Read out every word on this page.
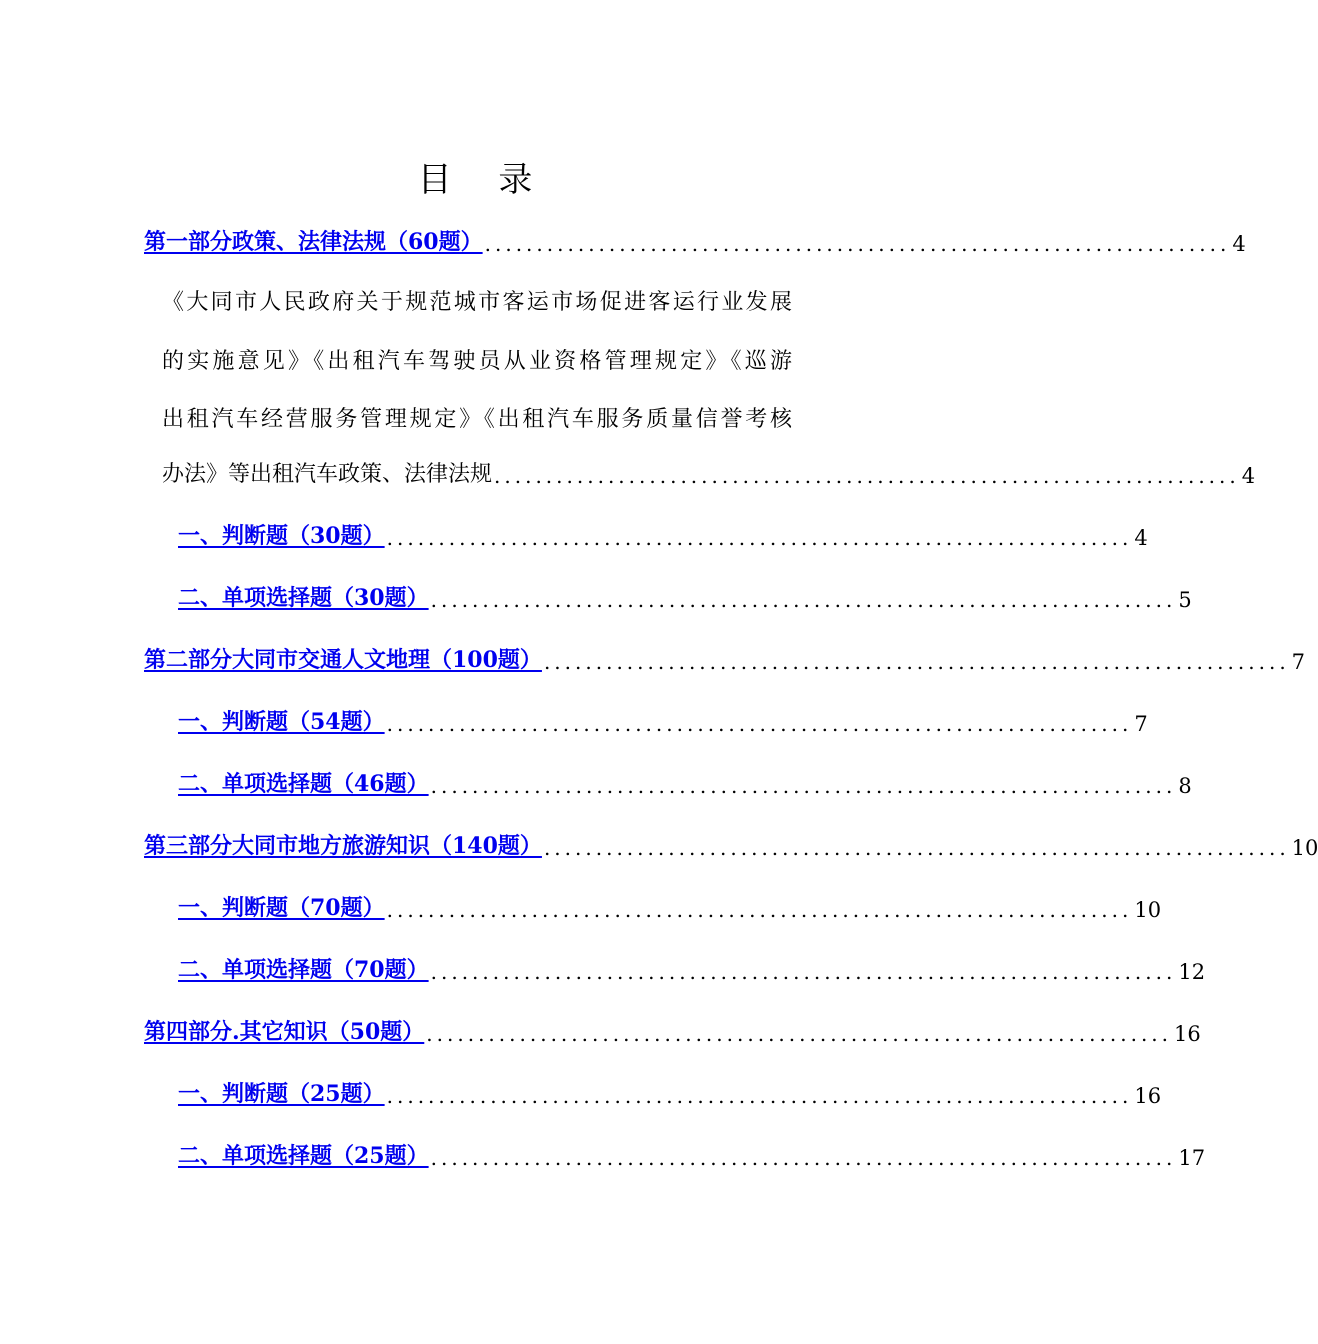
目 录
第一部分政策、法律法规（60题） ........................................................................ 4
《大同市人民政府关于规范城市客运市场促进客运行业发展
的实施意见》《出租汽车驾驶员从业资格管理规定》《巡游
出租汽车经营服务管理规定》《出租汽车服务质量信誉考核
办法》等出租汽车政策、法律法规 ........................................................................ 4
一、判断题（30题） ........................................................................ 4
二、单项选择题（30题） ........................................................................ 5
第二部分大同市交通人文地理（100题） ........................................................................ 7
一、判断题（54题） ........................................................................ 7
二、单项选择题（46题） ........................................................................ 8
第三部分大同市地方旅游知识（140题） ........................................................................ 10
一、判断题（70题） ........................................................................ 10
二、单项选择题（70题） ........................................................................ 12
第四部分.其它知识（50题） ........................................................................ 16
一、判断题（25题） ........................................................................ 16
二、单项选择题（25题） ........................................................................ 17
